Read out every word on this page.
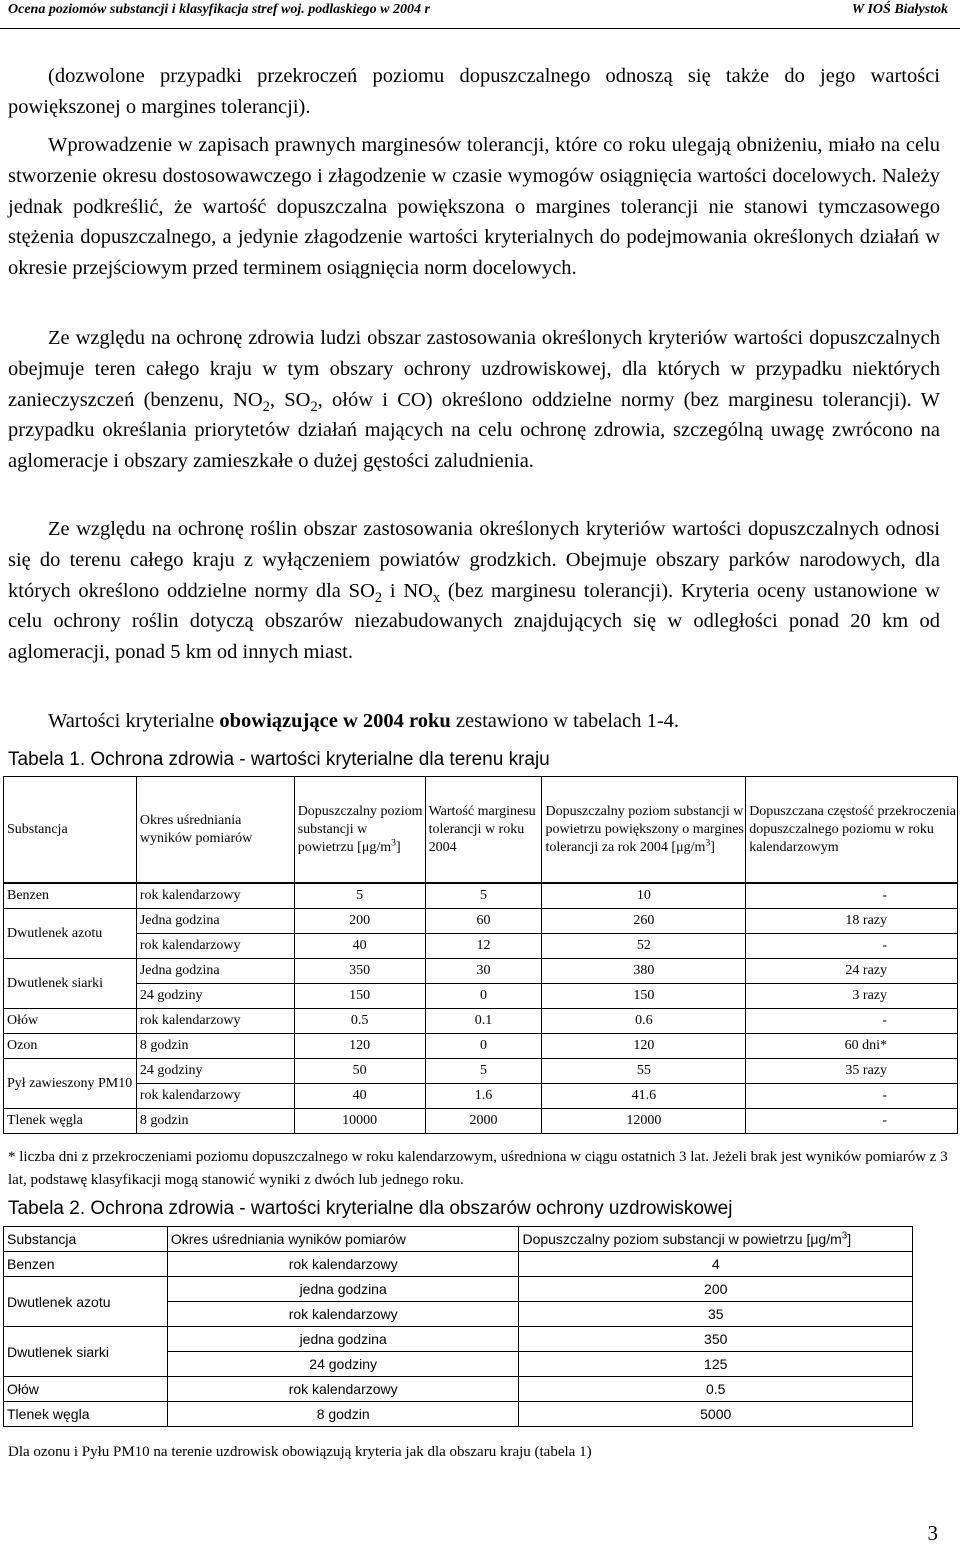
Ocena poziomów substancji i klasyfikacja stref woj. podlaskiego w 2004 r	W IOŚ Białystok

(dozwolone przypadki przekroczeń poziomu dopuszczalnego odnoszą się także do jego wartości powiększonej o margines tolerancji).

Wprowadzenie w zapisach prawnych marginesów tolerancji, które co roku ulegają obniżeniu, miało na celu stworzenie okresu dostosowawczego i złagodzenie w czasie wymogów osiągnięcia wartości docelowych. Należy jednak podkreślić, że wartość dopuszczalna powiększona o margines tolerancji nie stanowi tymczasowego stężenia dopuszczalnego, a jedynie złagodzenie wartości kryterialnych do podejmowania określonych działań w okresie przejściowym przed terminem osiągnięcia norm docelowych.

Ze względu na ochronę zdrowia ludzi obszar zastosowania określonych kryteriów wartości dopuszczalnych obejmuje teren całego kraju w tym obszary ochrony uzdrowiskowej, dla których w przypadku niektórych zanieczyszczeń (benzenu, $NO_2$, $SO_2$, ołów i CO) określono oddzielne normy (bez marginesu tolerancji). W przypadku określania priorytetów działań mających na celu ochronę zdrowia, szczególną uwagę zwrócono na aglomeracje i obszary zamieszkałe o dużej gęstości zaludnienia.

Ze względu na ochronę roślin obszar zastosowania określonych kryteriów wartości dopuszczalnych odnosi się do terenu całego kraju z wyłączeniem powiatów grodzkich. Obejmuje obszary parków narodowych, dla których określono oddzielne normy dla $SO_2$ i $NO_x$ (bez marginesu tolerancji). Kryteria oceny ustanowione w celu ochrony roślin dotyczą obszarów niezabudowanych znajdujących się w odległości ponad 20 km od aglomeracji, ponad 5 km od innych miast.

Wartości kryterialne obowiązujące w 2004 roku zestawiono w tabelach 1-4.

Tabela 1. Ochrona zdrowia - wartości kryterialne dla terenu kraju
Substancja	Okres uśredniania wyników pomiarów	Dopuszczalny poziom substancji w powietrzu $[\mu g/m^3]$	Wartość marginesu tolerancji w roku 2004	Dopuszczalny poziom substancji w powietrzu powiększony o margines tolerancji za rok 2004 $[\mu g/m^3]$	Dopuszczana częstość przekroczenia dopuszczalnego poziomu w roku kalendarzowym
Benzen	rok kalendarzowy	5	5	10	-
Dwutlenek azotu	Jedna godzina	200	60	260	18 razy
	rok kalendarzowy	40	12	52	-
Dwutlenek siarki	Jedna godzina	350	30	380	24 razy
	24 godziny	150	0	150	3 razy
Ołów	rok kalendarzowy	0.5	0.1	0.6	-
Ozon	8 godzin	120	0	120	60 dni*
Pył zawieszony PM10	24 godziny	50	5	55	35 razy
	rok kalendarzowy	40	1.6	41.6	-
Tlenek węgla	8 godzin	10000	2000	12000	-
* liczba dni z przekroczeniami poziomu dopuszczalnego w roku kalendarzowym, uśredniona w ciągu ostatnich 3 lat. Jeżeli brak jest wyników pomiarów z 3 lat, podstawę klasyfikacji mogą stanowić wyniki z dwóch lub jednego roku.
Tabela 2. Ochrona zdrowia - wartości kryterialne dla obszarów ochrony uzdrowiskowej
Substancja	Okres uśredniania wyników pomiarów	Dopuszczalny poziom substancji w powietrzu $[\mu g/m^3]$
Benzen	rok kalendarzowy	4
Dwutlenek azotu	jedna godzina	200
	rok kalendarzowy	35
Dwutlenek siarki	jedna godzina	350
	24 godziny	125
Ołów	rok kalendarzowy	0.5
Tlenek węgla	8 godzin	5000
Dla ozonu i Pyłu PM10 na terenie uzdrowisk obowiązują kryteria jak dla obszaru kraju (tabela 1)
3
